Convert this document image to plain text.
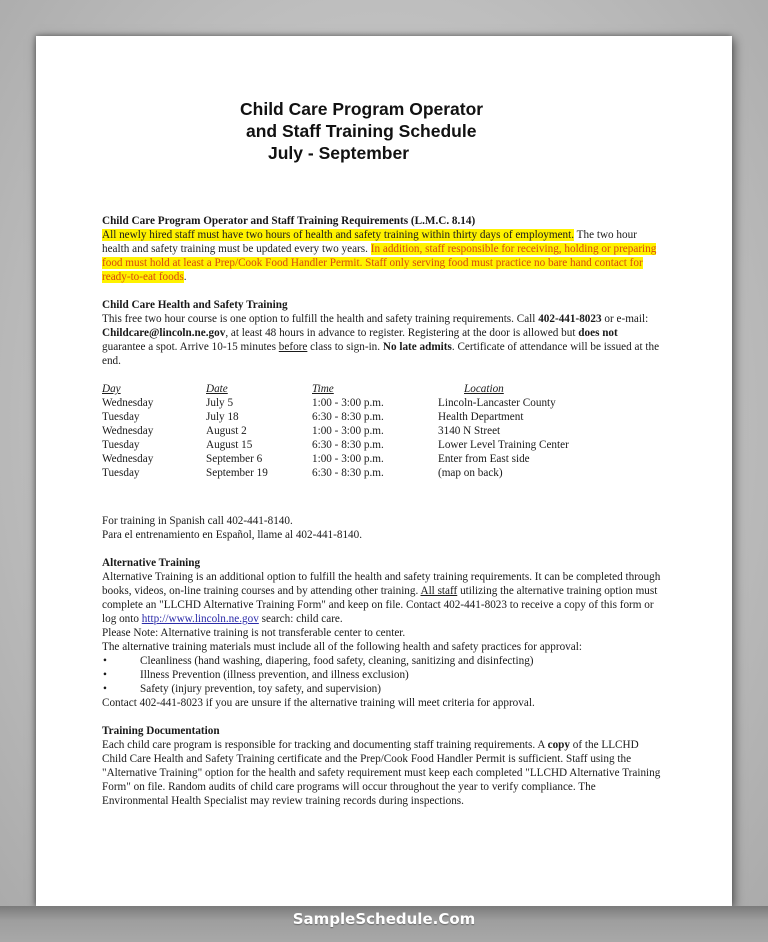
Child Care Program Operator
and Staff Training Schedule
July - September
Child Care Program Operator and Staff Training Requirements (L.M.C. 8.14)

All newly hired staff must have two hours of health and safety training within thirty days of employment. The two hour health and safety training must be updated every two years. In addition, staff responsible for receiving, holding or preparing food must hold at least a Prep/Cook Food Handler Permit. Staff only serving food must practice no bare hand contact for ready-to-eat foods.

Child Care Health and Safety Training

This free two hour course is one option to fulfill the health and safety training requirements. Call 402-441-8023 or e-mail: Childcare@lincoln.ne.gov, at least 48 hours in advance to register. Registering at the door is allowed but does not guarantee a spot. Arrive 10-15 minutes before class to sign-in. No late admits. Certificate of attendance will be issued at the end.

Day	Date	Time	Location
Wednesday	July 5	1:00 - 3:00 p.m.	Lincoln-Lancaster County
Tuesday	July 18	6:30 - 8:30 p.m.	Health Department
Wednesday	August 2	1:00 - 3:00 p.m.	3140 N Street
Tuesday	August 15	6:30 - 8:30 p.m.	Lower Level Training Center
Wednesday	September 6	1:00 - 3:00 p.m.	Enter from East side
Tuesday	September 19	6:30 - 8:30 p.m.	(map on back)
For training in Spanish call 402-441-8140.
Para el entrenamiento en Español, llame al 402-441-8140.
Alternative Training

Alternative Training is an additional option to fulfill the health and safety training requirements. It can be completed through books, videos, on-line training courses and by attending other training. All staff utilizing the alternative training option must complete an "LLCHD Alternative Training Form" and keep on file. Contact 402-441-8023 to receive a copy of this form or log onto http://www.lincoln.ne.gov search: child care.

Please Note: Alternative training is not transferable center to center.
The alternative training materials must include all of the following health and safety practices for approval:
• Cleanliness (hand washing, diapering, food safety, cleaning, sanitizing and disinfecting)
• Illness Prevention (illness prevention, and illness exclusion)
• Safety (injury prevention, toy safety, and supervision)
Contact 402-441-8023 if you are unsure if the alternative training will meet criteria for approval.
Training Documentation

Each child care program is responsible for tracking and documenting staff training requirements. A copy of the LLCHD Child Care Health and Safety Training certificate and the Prep/Cook Food Handler Permit is sufficient. Staff using the "Alternative Training" option for the health and safety requirement must keep each completed "LLCHD Alternative Training Form" on file. Random audits of child care programs will occur throughout the year to verify compliance. The Environmental Health Specialist may review training records during inspections.

SampleSchedule.Com
